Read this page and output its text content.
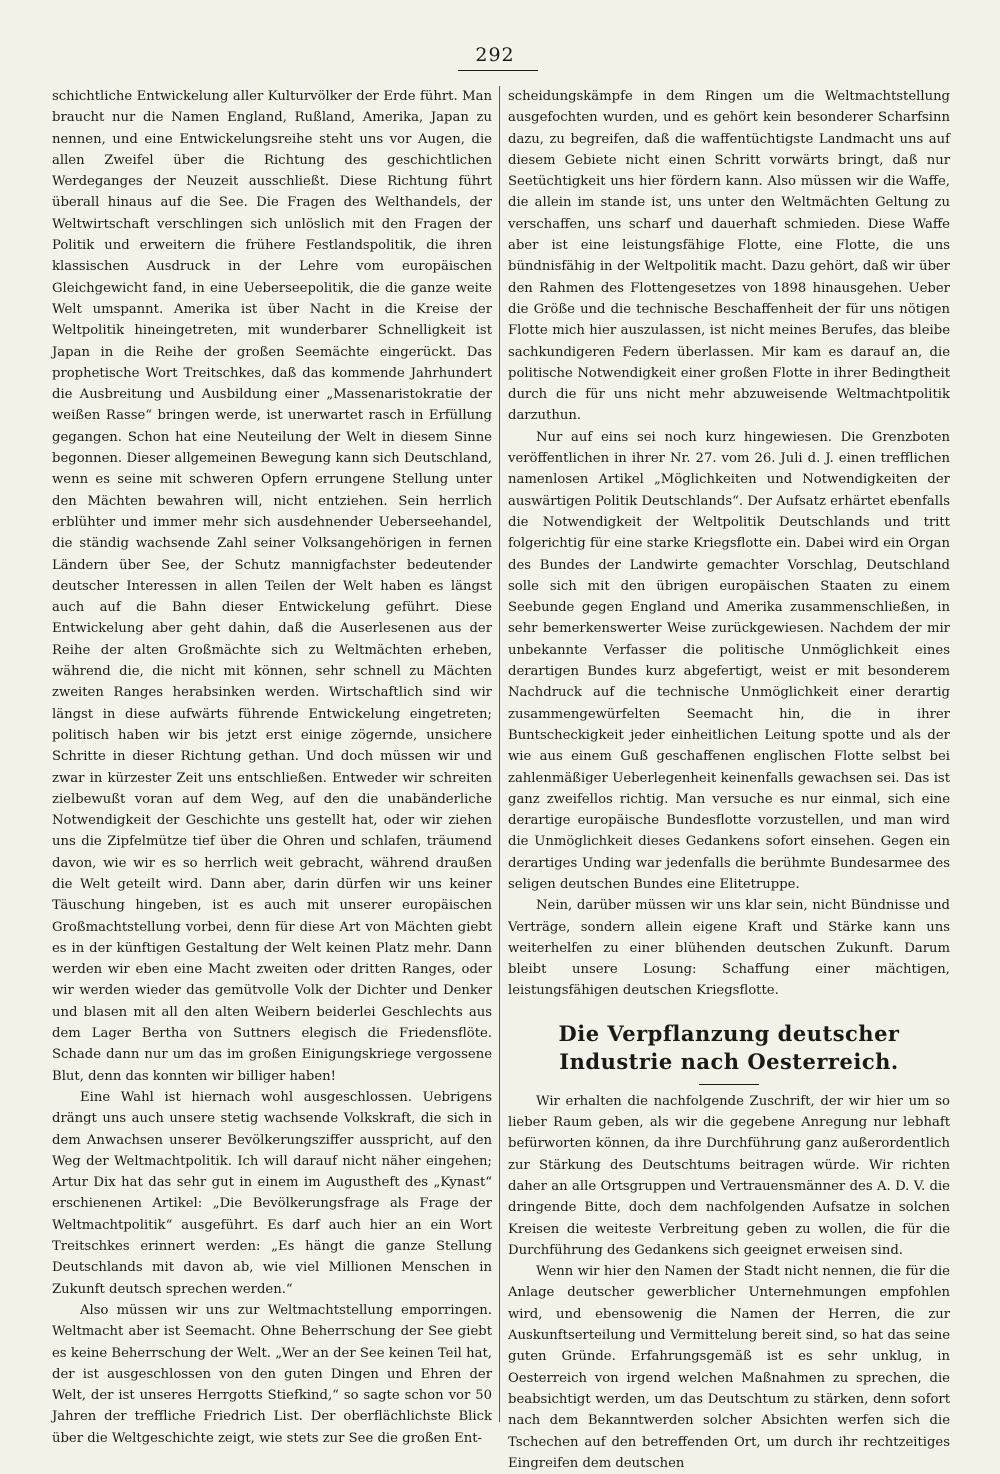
292

schichtliche Entwickelung aller Kulturvölker der Erde führt. Man braucht nur die Namen England, Rußland, Amerika, Japan zu nennen, und eine Entwickelungsreihe steht uns vor Augen, die allen Zweifel über die Richtung des geschichtlichen Werdeganges der Neuzeit ausschließt. Diese Richtung führt überall hinaus auf die See. Die Fragen des Welthandels, der Weltwirtschaft verschlingen sich unlöslich mit den Fragen der Politik und erweitern die frühere Festlandspolitik, die ihren klassischen Ausdruck in der Lehre vom europäischen Gleichgewicht fand, in eine Ueberseepolitik, die die ganze weite Welt umspannt. Amerika ist über Nacht in die Kreise der Weltpolitik hineingetreten, mit wunderbarer Schnelligkeit ist Japan in die Reihe der großen Seemächte eingerückt. Das prophetische Wort Treitschkes, daß das kommende Jahrhundert die Ausbreitung und Ausbildung einer „Massenaristokratie der weißen Rasse“ bringen werde, ist unerwartet rasch in Erfüllung gegangen. Schon hat eine Neuteilung der Welt in diesem Sinne begonnen. Dieser allgemeinen Bewegung kann sich Deutschland, wenn es seine mit schweren Opfern errungene Stellung unter den Mächten bewahren will, nicht entziehen. Sein herrlich erblühter und immer mehr sich ausdehnender Ueberseehandel, die ständig wachsende Zahl seiner Volksangehörigen in fernen Ländern über See, der Schutz mannigfachster bedeutender deutscher Interessen in allen Teilen der Welt haben es längst auch auf die Bahn dieser Entwickelung geführt. Diese Entwickelung aber geht dahin, daß die Auserlesenen aus der Reihe der alten Großmächte sich zu Weltmächten erheben, während die, die nicht mit können, sehr schnell zu Mächten zweiten Ranges herabsinken werden. Wirtschaftlich sind wir längst in diese aufwärts führende Entwickelung eingetreten; politisch haben wir bis jetzt erst einige zögernde, unsichere Schritte in dieser Richtung gethan. Und doch müssen wir und zwar in kürzester Zeit uns entschließen. Entweder wir schreiten zielbewußt voran auf dem Weg, auf den die unabänderliche Notwendigkeit der Geschichte uns gestellt hat, oder wir ziehen uns die Zipfelmütze tief über die Ohren und schlafen, träumend davon, wie wir es so herrlich weit gebracht, während draußen die Welt geteilt wird. Dann aber, darin dürfen wir uns keiner Täuschung hingeben, ist es auch mit unserer europäischen Großmachtstellung vorbei, denn für diese Art von Mächten giebt es in der künftigen Gestaltung der Welt keinen Platz mehr. Dann werden wir eben eine Macht zweiten oder dritten Ranges, oder wir werden wieder das gemütvolle Volk der Dichter und Denker und blasen mit all den alten Weibern beiderlei Geschlechts aus dem Lager Bertha von Suttners elegisch die Friedensflöte. Schade dann nur um das im großen Einigungskriege vergossene Blut, denn das konnten wir billiger haben!

Eine Wahl ist hiernach wohl ausgeschlossen. Uebrigens drängt uns auch unsere stetig wachsende Volkskraft, die sich in dem Anwachsen unserer Bevölkerungsziffer ausspricht, auf den Weg der Weltmachtpolitik. Ich will darauf nicht näher eingehen; Artur Dix hat das sehr gut in einem im Augustheft des „Kynast“ erschienenen Artikel: „Die Bevölkerungsfrage als Frage der Weltmachtpolitik“ ausgeführt. Es darf auch hier an ein Wort Treitschkes erinnert werden: „Es hängt die ganze Stellung Deutschlands mit davon ab, wie viel Millionen Menschen in Zukunft deutsch sprechen werden.“

Also müssen wir uns zur Weltmachtstellung emporringen. Weltmacht aber ist Seemacht. Ohne Beherrschung der See giebt es keine Beherrschung der Welt. „Wer an der See keinen Teil hat, der ist ausgeschlossen von den guten Dingen und Ehren der Welt, der ist unseres Herrgotts Stiefkind,“ so sagte schon vor 50 Jahren der treffliche Friedrich List. Der oberflächlichste Blick über die Weltgeschichte zeigt, wie stets zur See die großen Ent-

scheidungskämpfe in dem Ringen um die Weltmachtstellung ausgefochten wurden, und es gehört kein besonderer Scharfsinn dazu, zu begreifen, daß die waffentüchtigste Landmacht uns auf diesem Gebiete nicht einen Schritt vorwärts bringt, daß nur Seetüchtigkeit uns hier fördern kann. Also müssen wir die Waffe, die allein im stande ist, uns unter den Weltmächten Geltung zu verschaffen, uns scharf und dauerhaft schmieden. Diese Waffe aber ist eine leistungsfähige Flotte, eine Flotte, die uns bündnisfähig in der Weltpolitik macht. Dazu gehört, daß wir über den Rahmen des Flottengesetzes von 1898 hinausgehen. Ueber die Größe und die technische Beschaffenheit der für uns nötigen Flotte mich hier auszulassen, ist nicht meines Berufes, das bleibe sachkundigeren Federn überlassen. Mir kam es darauf an, die politische Notwendigkeit einer großen Flotte in ihrer Bedingtheit durch die für uns nicht mehr abzuweisende Weltmachtpolitik darzuthun.

Nur auf eins sei noch kurz hingewiesen. Die Grenzboten veröffentlichen in ihrer Nr. 27. vom 26. Juli d. J. einen trefflichen namenlosen Artikel „Möglichkeiten und Notwendigkeiten der auswärtigen Politik Deutschlands“. Der Aufsatz erhärtet ebenfalls die Notwendigkeit der Weltpolitik Deutschlands und tritt folgerichtig für eine starke Kriegsflotte ein. Dabei wird ein Organ des Bundes der Landwirte gemachter Vorschlag, Deutschland solle sich mit den übrigen europäischen Staaten zu einem Seebunde gegen England und Amerika zusammenschließen, in sehr bemerkenswerter Weise zurückgewiesen. Nachdem der mir unbekannte Verfasser die politische Unmöglichkeit eines derartigen Bundes kurz abgefertigt, weist er mit besonderem Nachdruck auf die technische Unmöglichkeit einer derartig zusammengewürfelten Seemacht hin, die in ihrer Buntscheckigkeit jeder einheitlichen Leitung spotte und als der wie aus einem Guß geschaffenen englischen Flotte selbst bei zahlenmäßiger Ueberlegenheit keinenfalls gewachsen sei. Das ist ganz zweifellos richtig. Man versuche es nur einmal, sich eine derartige europäische Bundesflotte vorzustellen, und man wird die Unmöglichkeit dieses Gedankens sofort einsehen. Gegen ein derartiges Unding war jedenfalls die berühmte Bundesarmee des seligen deutschen Bundes eine Elitetruppe.

Nein, darüber müssen wir uns klar sein, nicht Bündnisse und Verträge, sondern allein eigene Kraft und Stärke kann uns weiterhelfen zu einer blühenden deutschen Zukunft. Darum bleibt unsere Losung: Schaffung einer mächtigen, leistungsfähigen deutschen Kriegsflotte.

Die Verpflanzung deutscher Industrie nach Oesterreich.

Wir erhalten die nachfolgende Zuschrift, der wir hier um so lieber Raum geben, als wir die gegebene Anregung nur lebhaft befürworten können, da ihre Durchführung ganz außerordentlich zur Stärkung des Deutschtums beitragen würde. Wir richten daher an alle Ortsgruppen und Vertrauensmänner des A. D. V. die dringende Bitte, doch dem nachfolgenden Aufsatze in solchen Kreisen die weiteste Verbreitung geben zu wollen, die für die Durchführung des Gedankens sich geeignet erweisen sind.

Wenn wir hier den Namen der Stadt nicht nennen, die für die Anlage deutscher gewerblicher Unternehmungen empfohlen wird, und ebensowenig die Namen der Herren, die zur Auskunftserteilung und Vermittelung bereit sind, so hat das seine guten Gründe. Erfahrungsgemäß ist es sehr unklug, in Oesterreich von irgend welchen Maßnahmen zu sprechen, die beabsichtigt werden, um das Deutschtum zu stärken, denn sofort nach dem Bekanntwerden solcher Absichten werfen sich die Tschechen auf den betreffenden Ort, um durch ihr rechtzeitiges Eingreifen dem deutschen
